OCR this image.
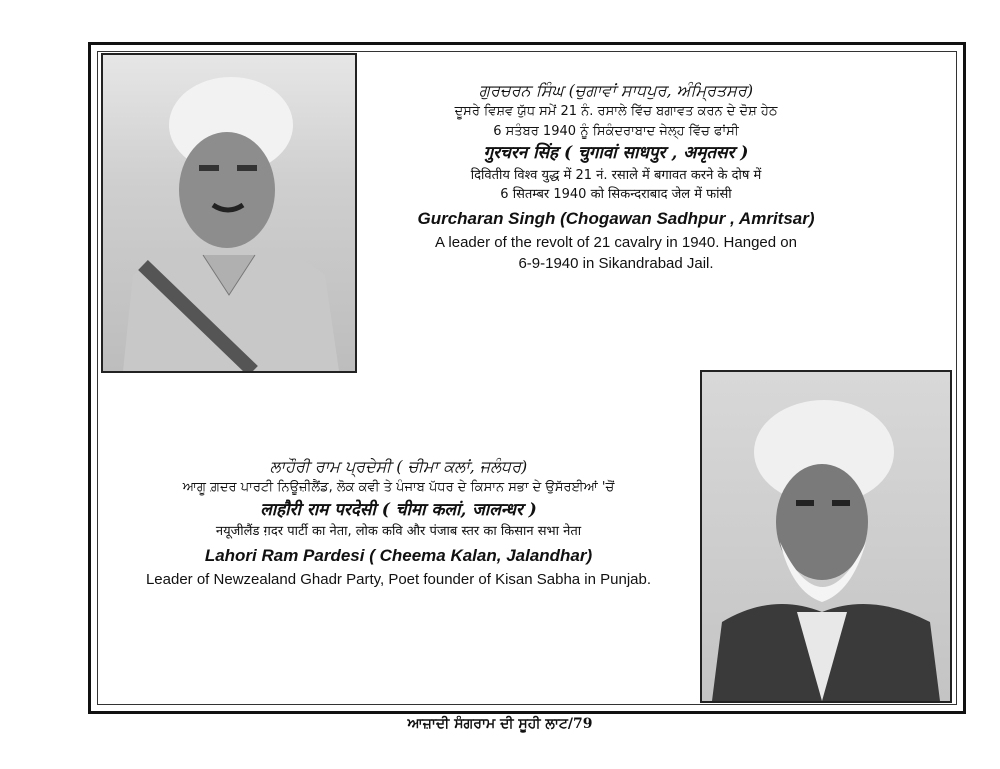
ਗੁਰਚਰਨ ਸਿੰਘ (ਚੁਗਾਵਾਂ ਸਾਧਪੁਰ, ਅੰਮ੍ਰਿਤਸਰ)
ਦੂਸਰੇ ਵਿਸ਼ਵ ਯੁੱਧ ਸਮੇਂ 21 ਨੰ. ਰਸਾਲੇ ਵਿੱਚ ਬਗਾਵਤ ਕਰਨ ਦੇ ਦੋਸ਼ ਹੇਠ
6 ਸਤੰਬਰ 1940 ਨੂੰ ਸਿਕੰਦਰਾਬਾਦ ਜੇਲ੍ਹ ਵਿੱਚ ਫਾਂਸੀ
गुरचरन सिंह ( चुगावां साधपुर , अमृतसर )
दिवितीय विश्व युद्ध में 21 नं. रसाले में बगावत करने के दोष में
6 सितम्बर 1940 को सिकन्दराबाद जेल में फांसी
Gurcharan Singh (Chogawan Sadhpur , Amritsar)
A leader of the revolt of 21 cavalry in 1940. Hanged on
6-9-1940 in Sikandrabad Jail.
ਲਾਹੌਰੀ ਰਾਮ ਪ੍ਰਦੇਸੀ ( ਚੀਮਾ ਕਲਾਂ, ਜਲੰਧਰ)
ਆਗੂ ਗ਼ਦਰ ਪਾਰਟੀ ਨਿਊਜ਼ੀਲੈਂਡ, ਲੋਕ ਕਵੀ ਤੇ ਪੰਜਾਬ ਪੱਧਰ ਦੇ ਕਿਸਾਨ ਸਭਾ ਦੇ ਉਸੱਰਈਆਂ 'ਚੋਂ
लाहौरी राम परदेसी ( चीमा कलां, जालन्धर )
नयूजीलैंड ग़दर पार्टी का नेता, लोक कवि और पंजाब स्तर का किसान सभा नेता
Lahori Ram Pardesi ( Cheema Kalan, Jalandhar)
Leader of Newzealand Ghadr Party, Poet founder of Kisan Sabha in Punjab.
ਆਜ਼ਾਦੀ ਸੰਗਰਾਮ ਦੀ ਸੂਹੀ ਲਾਟ/79
